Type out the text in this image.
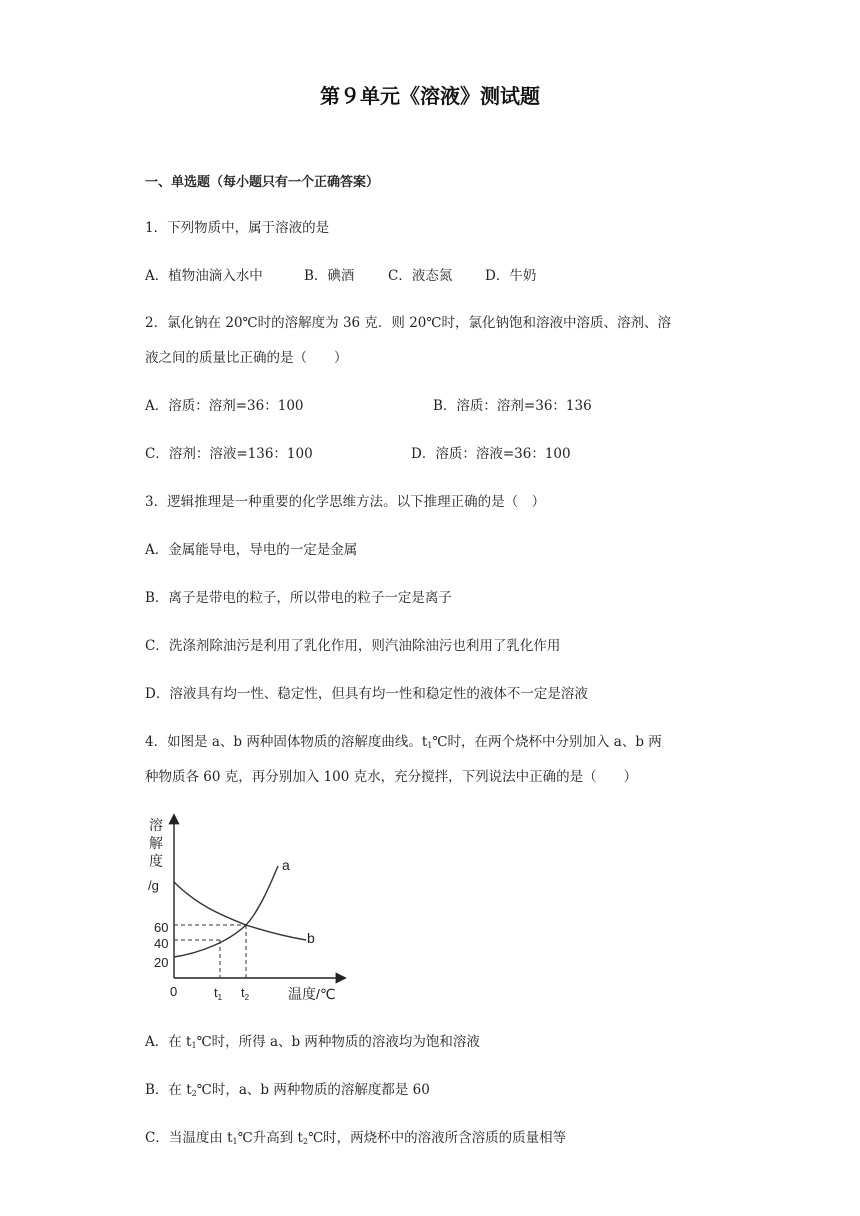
第９单元《溶液》测试题
一、单选题（每小题只有一个正确答案）
1．下列物质中，属于溶液的是
A．植物油滴入水中	B．碘酒 C．液态氮 D．牛奶
2．氯化钠在 20℃时的溶解度为 36 克．则 20℃时，氯化钠饱和溶液中溶质、溶剂、溶
液之间的质量比正确的是（　　）
A．溶质：溶剂=36：100	B．溶质：溶剂=36：136
C．溶剂：溶液=136：100	D．溶质：溶液=36：100
3．逻辑推理是一种重要的化学思维方法。以下推理正确的是（　）
A．金属能导电，导电的一定是金属
B．离子是带电的粒子，所以带电的粒子一定是离子
C．洗涤剂除油污是利用了乳化作用，则汽油除油污也利用了乳化作用
D．溶液具有均一性、稳定性，但具有均一性和稳定性的液体不一定是溶液
4．如图是 a、b 两种固体物质的溶解度曲线。$t_1℃$时，在两个烧杯中分别加入 a、b 两
种物质各 60 克，再分别加入 100 克水，充分搅拌，下列说法中正确的是（　　）
溶
解
度
/g
60
40
20
0	$t_1$ $t_2$	温度/℃
a
b
A．在 $t_1℃$时，所得 a、b 两种物质的溶液均为饱和溶液
B．在 $t_2℃$时，a、b 两种物质的溶解度都是 60
C．当温度由 $t_1℃$升高到 $t_2℃$时，两烧杯中的溶液所含溶质的质量相等
